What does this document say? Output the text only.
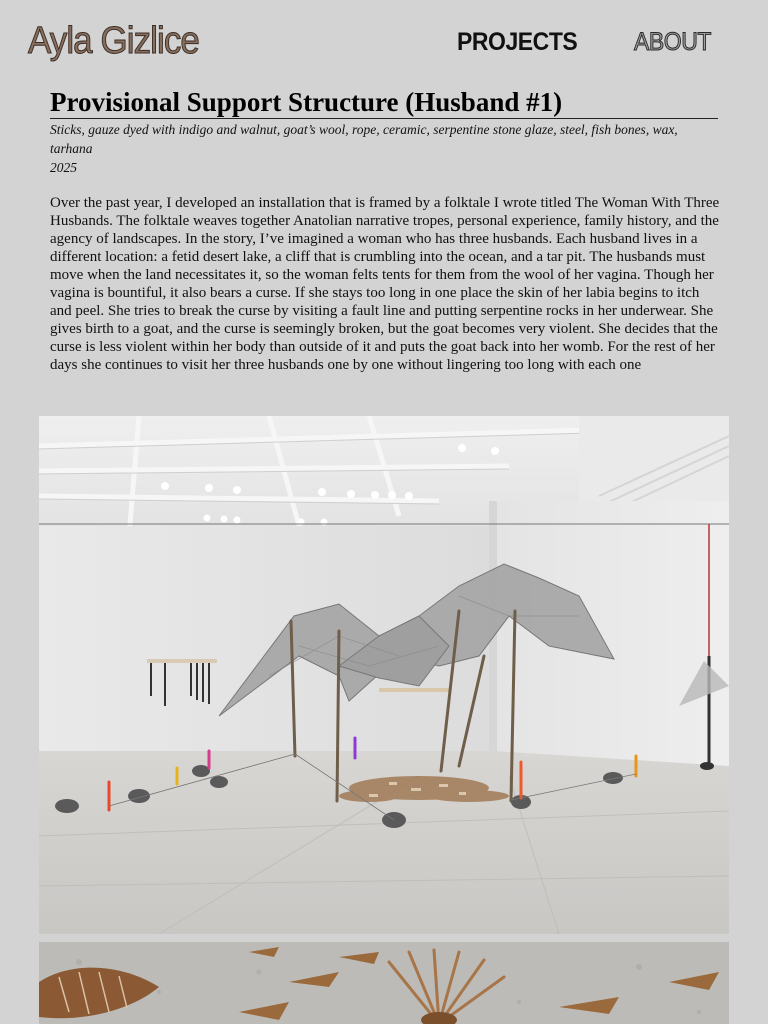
Ayla Gizlice	PROJECTS ABOUT
Provisional Support Structure (Husband #1)

Sticks, gauze dyed with indigo and walnut, goat’s wool, rope, ceramic, serpentine stone glaze, steel, fish bones, wax, tarhana

2025

Over the past year, I developed an installation that is framed by a folktale I wrote titled The Woman With Three Husbands. The folktale weaves together Anatolian narrative tropes, personal experience, family history, and the agency of landscapes. In the story, I’ve imagined a woman who has three husbands. Each husband lives in a different location: a fetid desert lake, a cliff that is crumbling into the ocean, and a tar pit. The husbands must move when the land necessitates it, so the woman felts tents for them from the wool of her vagina. Though her vagina is bountiful, it also bears a curse. If she stays too long in one place the skin of her labia begins to itch and peel. She tries to break the curse by visiting a fault line and putting serpentine rocks in her underwear. She gives birth to a goat, and the curse is seemingly broken, but the goat becomes very violent. She decides that the curse is less violent within her body than outside of it and puts the goat back into her womb. For the rest of her days she continues to visit her three husbands one by one without lingering too long with each one
